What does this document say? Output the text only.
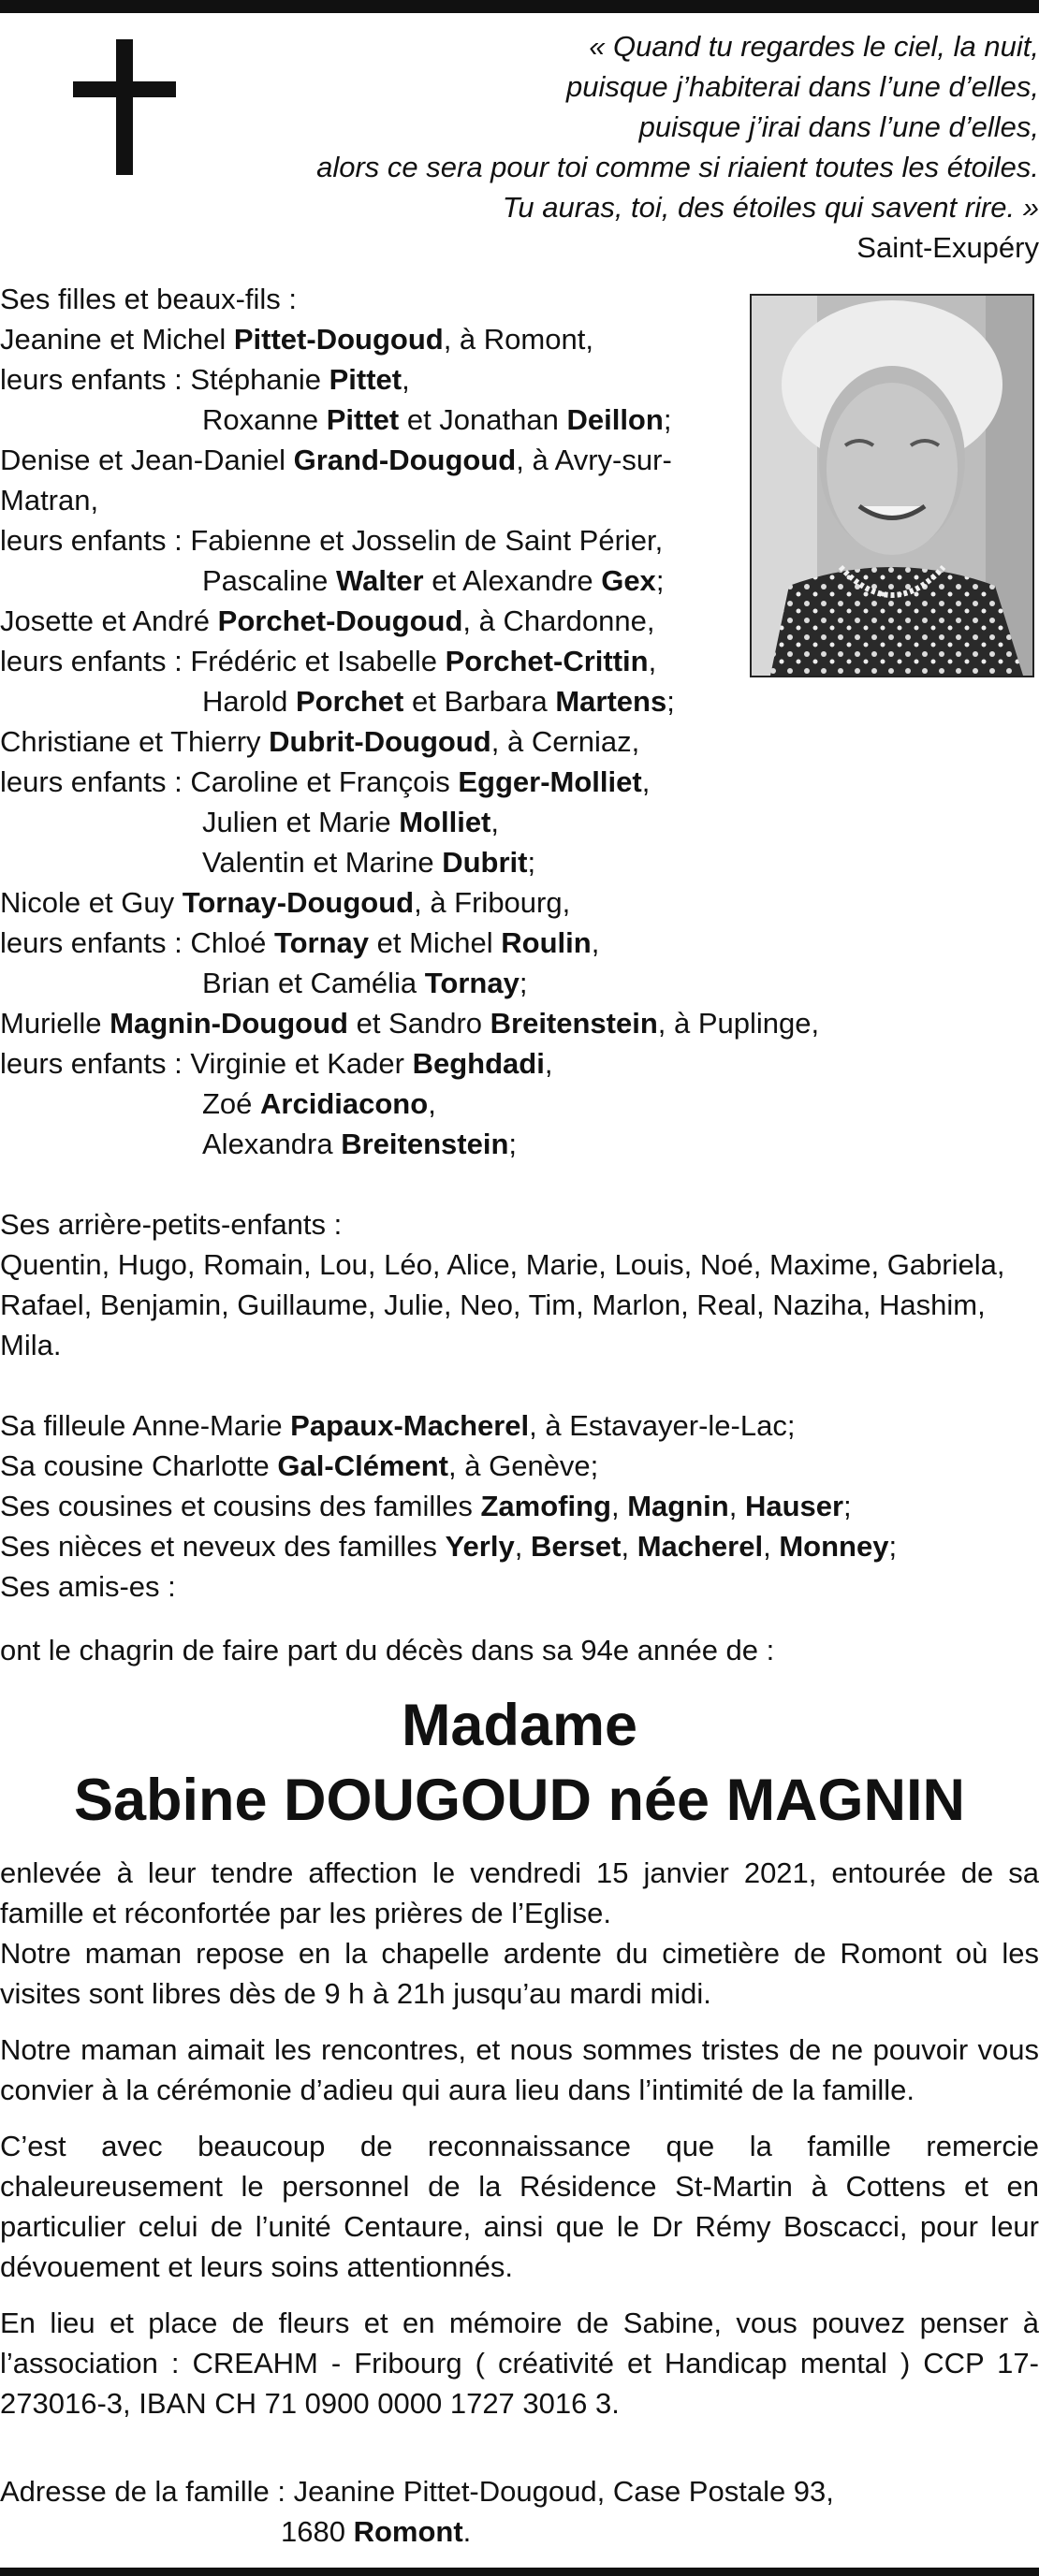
« Quand tu regardes le ciel, la nuit,
puisque j’habiterai dans l’une d’elles,
puisque j’irai dans l’une d’elles,
alors ce sera pour toi comme si riaient toutes les étoiles.
Tu auras, toi, des étoiles qui savent rire. »
Saint-Exupéry
Ses filles et beaux-fils :
Jeanine et Michel Pittet-Dougoud, à Romont,
leurs enfants : Stéphanie Pittet,
Roxanne Pittet et Jonathan Deillon;
Denise et Jean-Daniel Grand-Dougoud, à Avry-sur-
Matran,
leurs enfants : Fabienne et Josselin de Saint Périer,
Pascaline Walter et Alexandre Gex;
Josette et André Porchet-Dougoud, à Chardonne,
leurs enfants : Frédéric et Isabelle Porchet-Crittin,
Harold Porchet et Barbara Martens;
Christiane et Thierry Dubrit-Dougoud, à Cerniaz,
leurs enfants : Caroline et François Egger-Molliet,
Julien et Marie Molliet,
Valentin et Marine Dubrit;
Nicole et Guy Tornay-Dougoud, à Fribourg,
leurs enfants : Chloé Tornay et Michel Roulin,
Brian et Camélia Tornay;
Murielle Magnin-Dougoud et Sandro Breitenstein, à Puplinge,
leurs enfants : Virginie et Kader Beghdadi,
Zoé Arcidiacono,
Alexandra Breitenstein;
Ses arrière-petits-enfants :
Quentin, Hugo, Romain, Lou, Léo, Alice, Marie, Louis, Noé, Maxime, Gabriela,
Rafael, Benjamin, Guillaume, Julie, Neo, Tim, Marlon, Real, Naziha, Hashim,
Mila.
Sa filleule Anne-Marie Papaux-Macherel, à Estavayer-le-Lac;
Sa cousine Charlotte Gal-Clément, à Genève;
Ses cousines et cousins des familles Zamofing, Magnin, Hauser;
Ses nièces et neveux des familles Yerly, Berset, Macherel, Monney;
Ses amis-es :
ont le chagrin de faire part du décès dans sa 94e année de :
Madame
Sabine DOUGOUD née MAGNIN

enlevée à leur tendre affection le vendredi 15 janvier 2021, entourée de sa famille et réconfortée par les prières de l’Eglise.
Notre maman repose en la chapelle ardente du cimetière de Romont où les visites sont libres dès de 9 h à 21h jusqu’au mardi midi.

Notre maman aimait les rencontres, et nous sommes tristes de ne pouvoir vous convier à la cérémonie d’adieu qui aura lieu dans l’intimité de la famille.

C’est avec beaucoup de reconnaissance que la famille remercie chaleureusement le personnel de la Résidence St-Martin à Cottens et en particulier celui de l’unité Centaure, ainsi que le Dr Rémy Boscacci, pour leur dévouement et leurs soins attentionnés.

En lieu et place de fleurs et en mémoire de Sabine, vous pouvez penser à l’association : CREAHM - Fribourg ( créativité et Handicap mental ) CCP 17-273016-3, IBAN CH 71 0900 0000 1727 3016 3.

Adresse de la famille : Jeanine Pittet-Dougoud, Case Postale 93,
1680 Romont.
